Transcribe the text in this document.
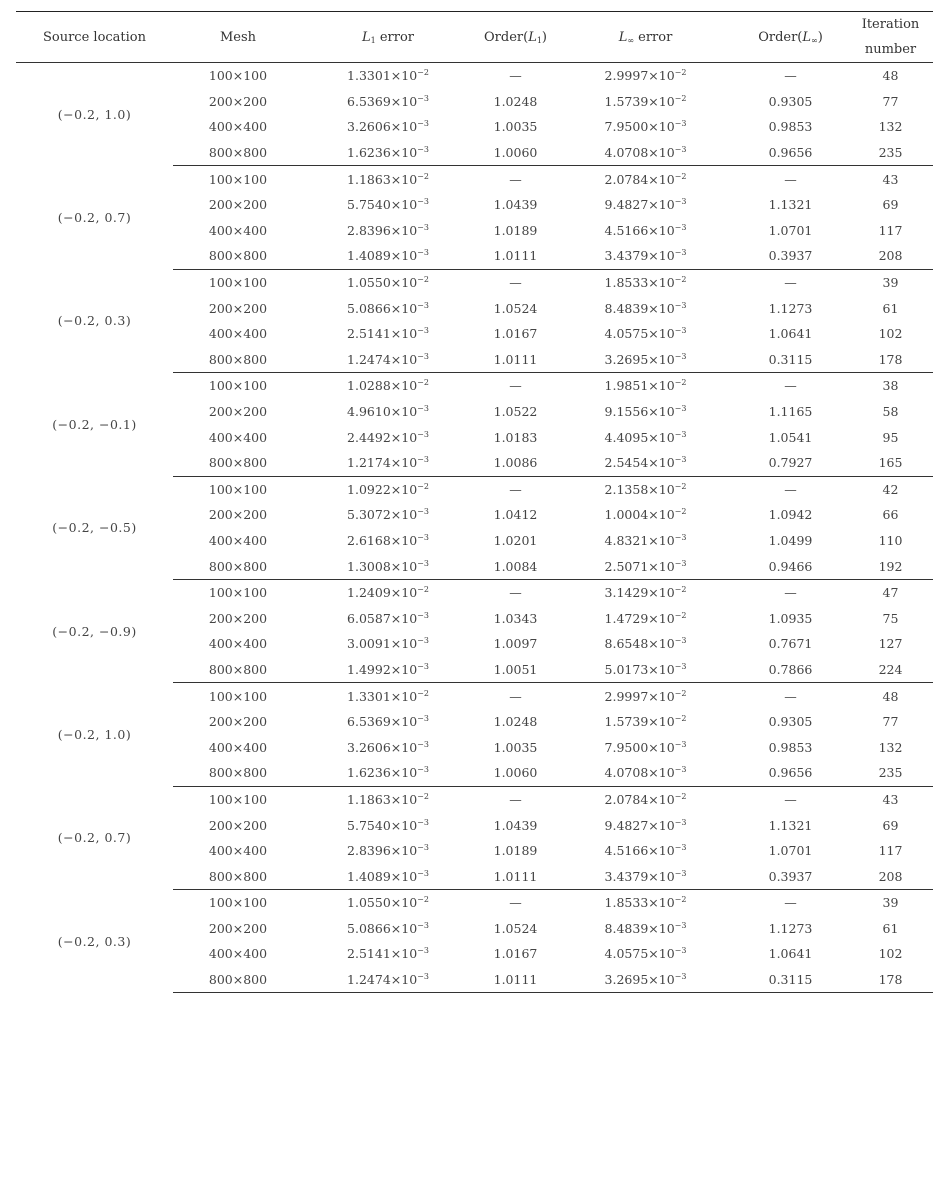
Source location	Mesh	$L_1$ error	$Order(L_1)$	$L_\infty$ error	$Order(L_\infty)$	Iteration
number

(−0.2, 1.0)	100×100	$1.3301\times 10^{-2}$	—	$2.9997\times 10^{-2}$	—	48
	200×200	$6.5369\times 10^{-3}$	1.0248	$1.5739\times 10^{-2}$	0.9305	77
	400×400	$3.2606\times 10^{-3}$	1.0035	$7.9500\times 10^{-3}$	0.9853	132
	800×800	$1.6236\times 10^{-3}$	1.0060	$4.0708\times 10^{-3}$	0.9656	235
(−0.2, 0.7)	100×100	$1.1863\times 10^{-2}$	—	$2.0784\times 10^{-2}$	—	43
	200×200	$5.7540\times 10^{-3}$	1.0439	$9.4827\times 10^{-3}$	1.1321	69
	400×400	$2.8396\times 10^{-3}$	1.0189	$4.5166\times 10^{-3}$	1.0701	117
	800×800	$1.4089\times 10^{-3}$	1.0111	$3.4379\times 10^{-3}$	0.3937	208
(−0.2, 0.3)	100×100	$1.0550\times 10^{-2}$	—	$1.8533\times 10^{-2}$	—	39
	200×200	$5.0866\times 10^{-3}$	1.0524	$8.4839\times 10^{-3}$	1.1273	61
	400×400	$2.5141\times 10^{-3}$	1.0167	$4.0575\times 10^{-3}$	1.0641	102
	800×800	$1.2474\times 10^{-3}$	1.0111	$3.2695\times 10^{-3}$	0.3115	178
(−0.2, −0.1)	100×100	$1.0288\times 10^{-2}$	—	$1.9851\times 10^{-2}$	—	38
	200×200	$4.9610\times 10^{-3}$	1.0522	$9.1556\times 10^{-3}$	1.1165	58
	400×400	$2.4492\times 10^{-3}$	1.0183	$4.4095\times 10^{-3}$	1.0541	95
	800×800	$1.2174\times 10^{-3}$	1.0086	$2.5454\times 10^{-3}$	0.7927	165
(−0.2, −0.5)	100×100	$1.0922\times 10^{-2}$	—	$2.1358\times 10^{-2}$	—	42
	200×200	$5.3072\times 10^{-3}$	1.0412	$1.0004\times 10^{-2}$	1.0942	66
	400×400	$2.6168\times 10^{-3}$	1.0201	$4.8321\times 10^{-3}$	1.0499	110
	800×800	$1.3008\times 10^{-3}$	1.0084	$2.5071\times 10^{-3}$	0.9466	192
(−0.2, −0.9)	100×100	$1.2409\times 10^{-2}$	—	$3.1429\times 10^{-2}$	—	47
	200×200	$6.0587\times 10^{-3}$	1.0343	$1.4729\times 10^{-2}$	1.0935	75
	400×400	$3.0091\times 10^{-3}$	1.0097	$8.6548\times 10^{-3}$	0.7671	127
	800×800	$1.4992\times 10^{-3}$	1.0051	$5.0173\times 10^{-3}$	0.7866	224
(−0.2, 1.0)	100×100	$1.3301\times 10^{-2}$	—	$2.9997\times 10^{-2}$	—	48
	200×200	$6.5369\times 10^{-3}$	1.0248	$1.5739\times 10^{-2}$	0.9305	77
	400×400	$3.2606\times 10^{-3}$	1.0035	$7.9500\times 10^{-3}$	0.9853	132
	800×800	$1.6236\times 10^{-3}$	1.0060	$4.0708\times 10^{-3}$	0.9656	235
(−0.2, 0.7)	100×100	$1.1863\times 10^{-2}$	—	$2.0784\times 10^{-2}$	—	43
	200×200	$5.7540\times 10^{-3}$	1.0439	$9.4827\times 10^{-3}$	1.1321	69
	400×400	$2.8396\times 10^{-3}$	1.0189	$4.5166\times 10^{-3}$	1.0701	117
	800×800	$1.4089\times 10^{-3}$	1.0111	$3.4379\times 10^{-3}$	0.3937	208
(−0.2, 0.3)	100×100	$1.0550\times 10^{-2}$	—	$1.8533\times 10^{-2}$	—	39
	200×200	$5.0866\times 10^{-3}$	1.0524	$8.4839\times 10^{-3}$	1.1273	61
	400×400	$2.5141\times 10^{-3}$	1.0167	$4.0575\times 10^{-3}$	1.0641	102
	800×800	$1.2474\times 10^{-3}$	1.0111	$3.2695\times 10^{-3}$	0.3115	178
